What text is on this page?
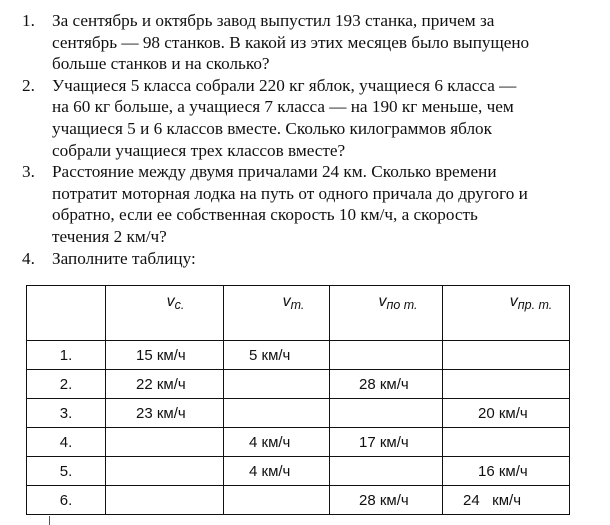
1. За сентябрь и октябрь завод выпустил 193 станка, причем за
сентябрь — 98 станков. В какой из этих месяцев было выпущено
больше станков и на сколько?
2. Учащиеся 5 класса собрали 220 кг яблок, учащиеся 6 класса —
на 60 кг больше, а учащиеся 7 класса — на 190 кг меньше, чем
учащиеся 5 и 6 классов вместе. Сколько килограммов яблок
собрали учащиеся трех классов вместе?
3. Расстояние между двумя причалами 24 км. Сколько времени
потратит моторная лодка на путь от одного причала до другого и
обратно, если ее собственная скорость 10 км/ч, а скорость
течения 2 км/ч?
4. Заполните таблицу:
	$v_{с.}$	$v_{т.}$	$v_{по т.}$	$v_{пр. т.}$
1.	15 км/ч	5 км/ч		
2.	22 км/ч		28 км/ч	
3.	23 км/ч			20 км/ч
4.		4 км/ч	17 км/ч	
5.		4 км/ч		16 км/ч
6.			28 км/ч	24   км/ч
